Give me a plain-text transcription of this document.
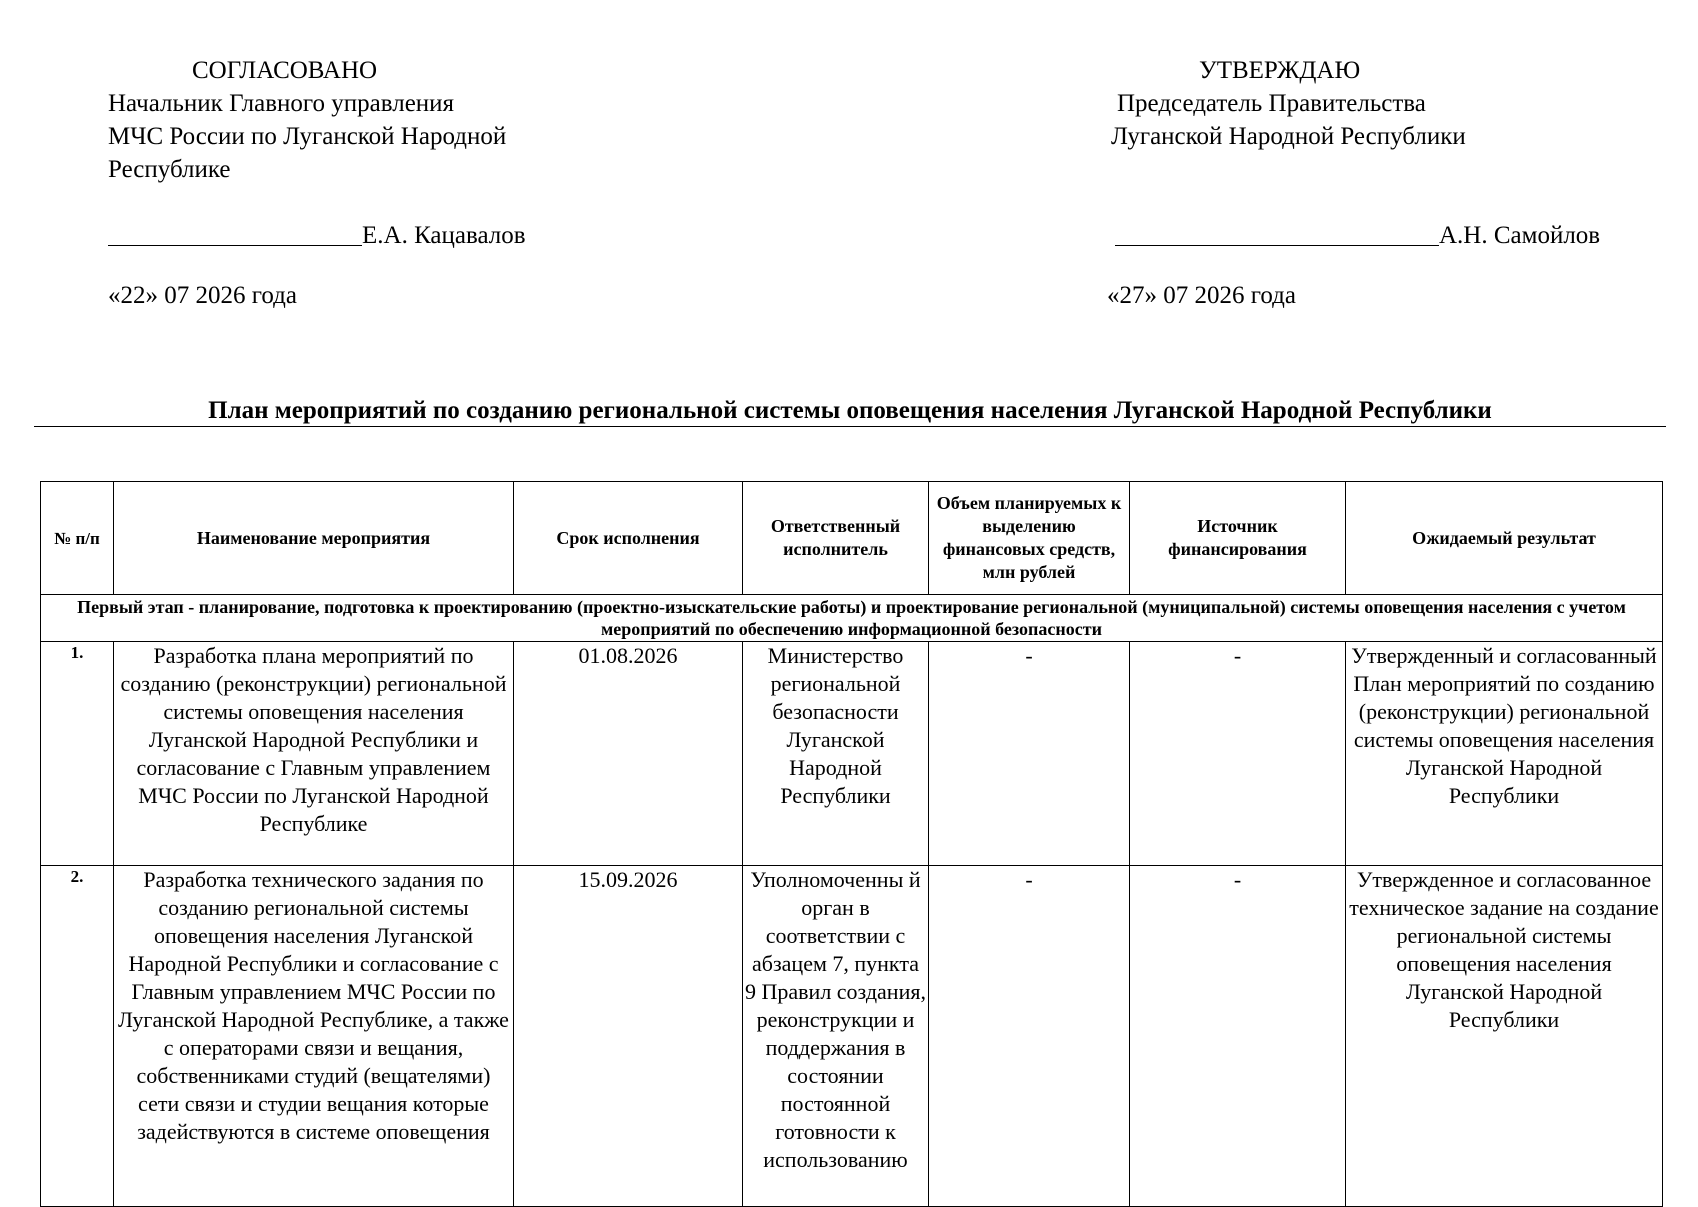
СОГЛАСОВАНО
Начальник Главного управления
МЧС России по Луганской Народной
Республике
Е.А. Кацавалов
«22» 07 2026 года
УТВЕРЖДАЮ
Председатель Правительства
Луганской Народной Республики
А.Н. Самойлов
«27» 07 2026 года
План мероприятий по созданию региональной системы оповещения населения Луганской Народной Республики
№ п/п	Наименование мероприятия	Срок исполнения	Ответственный исполнитель	Объем планируемых к выделению финансовых средств, млн рублей	Источник финансирования	Ожидаемый результат
Первый этап - планирование, подготовка к проектированию (проектно-изыскательские работы) и проектирование региональной (муниципальной) системы оповещения населения с учетом мероприятий по обеспечению информационной безопасности						
1.	Разработка плана мероприятий по созданию (реконструкции) региональной системы оповещения населения Луганской Народной Республики и согласование с Главным управлением МЧС России по Луганской Народной Республике	01.08.2026	Министерство региональной безопасности Луганской Народной Республики	-	-	Утвержденный и согласованный План мероприятий по созданию (реконструкции) региональной системы оповещения населения Луганской Народной Республики
2.	Разработка технического задания по созданию региональной системы оповещения населения Луганской Народной Республики и согласование с Главным управлением МЧС России по Луганской Народной Республике, а также с операторами связи и вещания, собственниками студий (вещателями) сети связи и студии вещания которые задействуются в системе оповещения	15.09.2026	Уполномоченны й орган в соответствии с абзацем 7, пункта 9 Правил создания, реконструкции и поддержания в состоянии постоянной готовности к использованию	-	-	Утвержденное и согласованное техническое задание на создание региональной системы оповещения населения Луганской Народной Республики
